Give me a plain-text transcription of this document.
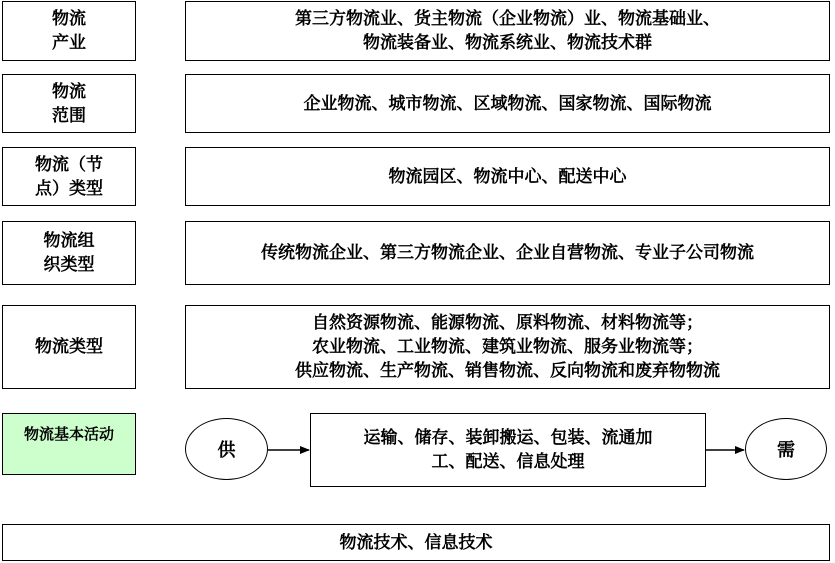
物流
产业
第三方物流业、货主物流（企业物流）业、物流基础业、
物流装备业、物流系统业、物流技术群
物流
范围
企业物流、城市物流、区域物流、国家物流、国际物流
物流（节
点）类型
物流园区、物流中心、配送中心
物流组
织类型
传统物流企业、第三方物流企业、企业自营物流、专业子公司物流
物流类型
自然资源物流、能源物流、原料物流、材料物流等；
农业物流、工业物流、建筑业物流、服务业物流等；
供应物流、生产物流、销售物流、反向物流和废弃物物流
物流基本活动
供
运输、储存、装卸搬运、包装、流通加
工、配送、信息处理
需
物流技术、信息技术
